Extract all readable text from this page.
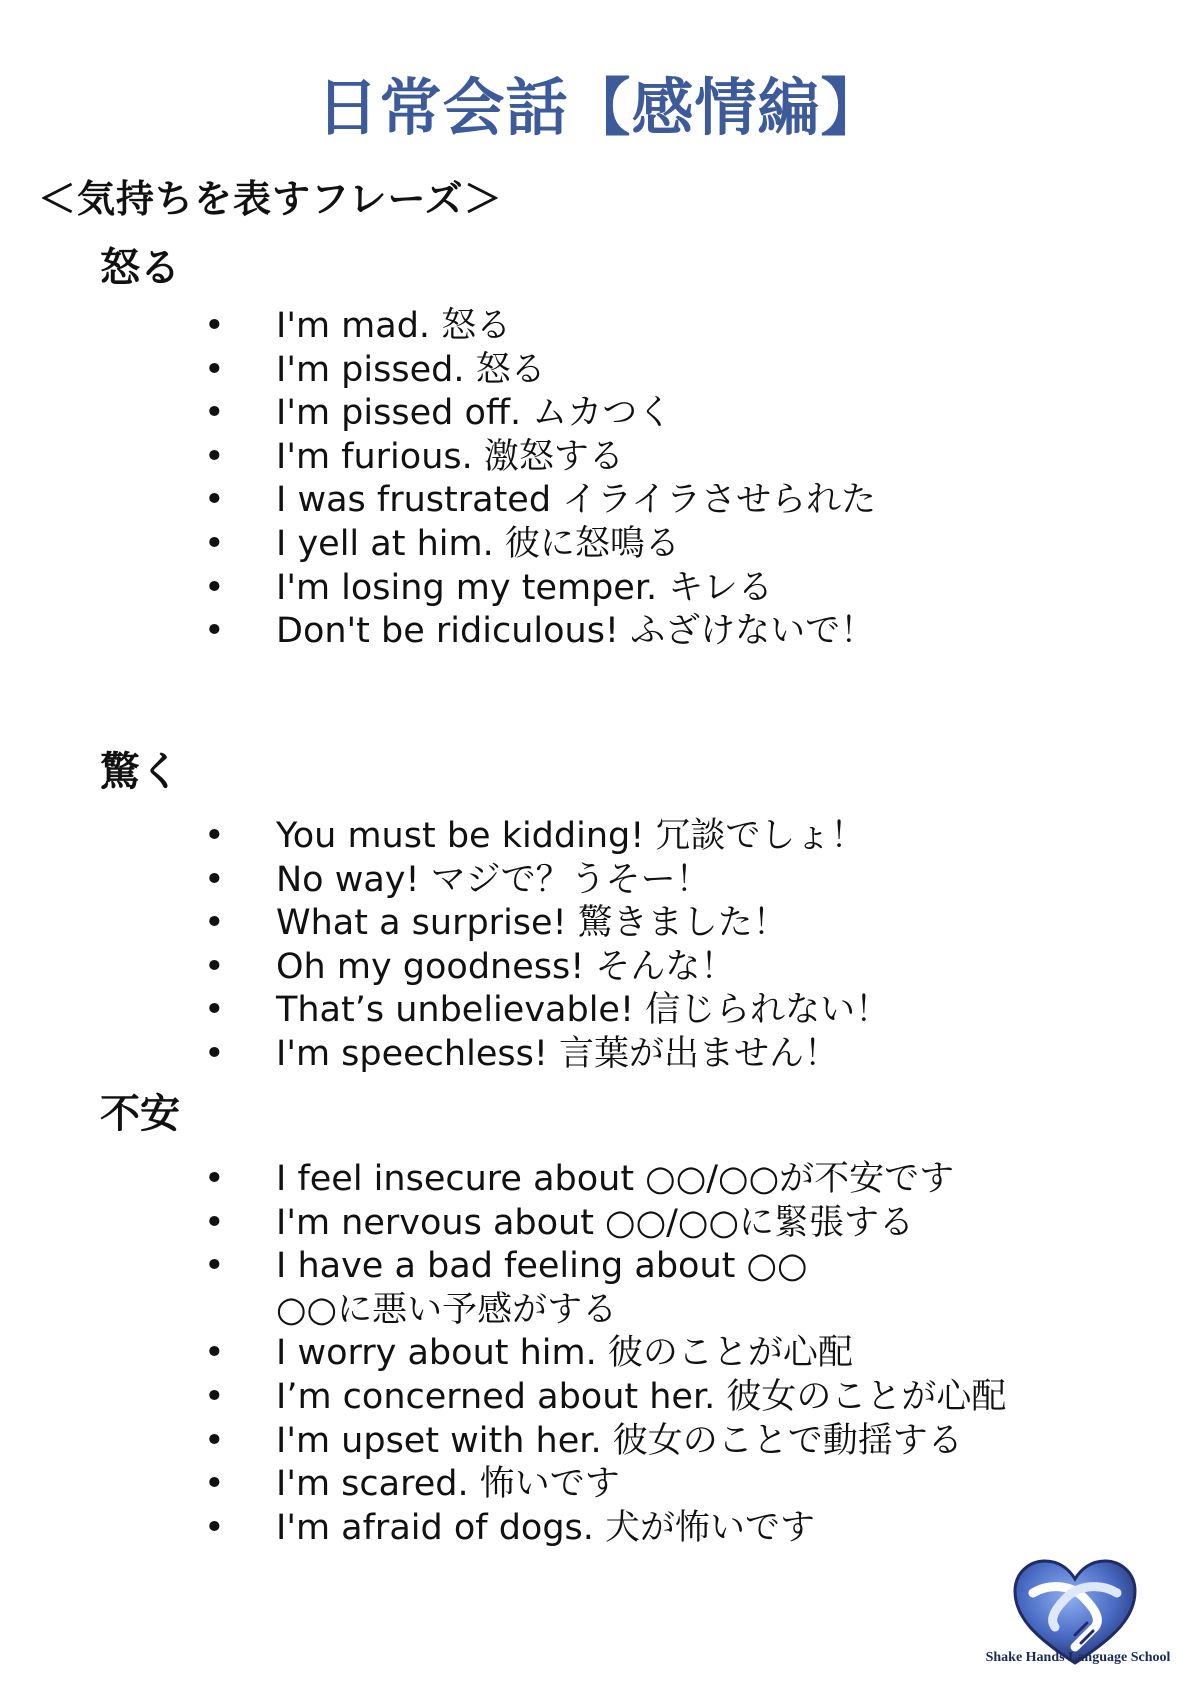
日常会話【感情編】
＜気持ちを表すフレーズ＞
怒る
• I'm mad. 怒る
• I'm pissed. 怒る
• I'm pissed off. ムカつく
• I'm furious. 激怒する
• I was frustrated イライラさせられた
• I yell at him. 彼に怒鳴る
• I'm losing my temper. キレる
• Don't be ridiculous! ふざけないで！
驚く
• You must be kidding! 冗談でしょ！
• No way! マジで？うそー！
• What a surprise! 驚きました！
• Oh my goodness! そんな！
• That’s unbelievable! 信じられない！
• I'm speechless! 言葉が出ません！
不安
• I feel insecure about ○○/○○が不安です
• I'm nervous about ○○/○○に緊張する
• I have a bad feeling about ○○
○○に悪い予感がする
• I worry about him. 彼のことが心配
• I’m concerned about her. 彼女のことが心配
• I'm upset with her. 彼女のことで動揺する
• I'm scared. 怖いです
• I'm afraid of dogs. 犬が怖いです
Shake Hands Language School
